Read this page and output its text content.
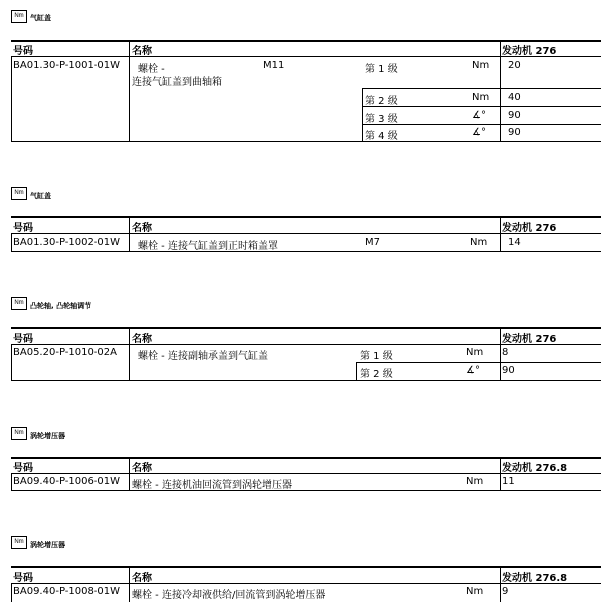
Nm 气缸盖
号码	名称	发动机 276
BA01.30-P-1001-01W 螺栓 -
连接气缸盖到曲轴箱
M11	第 1 级	Nm 20
第 2 级	Nm 40
第 3 级	∡° 90
第 4 级	∡° 90
Nm 气缸盖
号码	名称	发动机 276
BA01.30-P-1002-01W 螺栓 - 连接气缸盖到正时箱盖罩	M7	Nm 14
Nm 凸轮轴, 凸轮轴调节
号码	名称	发动机 276
BA05.20-P-1010-02A 螺栓 - 连接副轴承盖到气缸盖	第 1 级	Nm 8
第 2 级	∡° 90
Nm 涡轮增压器
号码	名称	发动机 276.8
BA09.40-P-1006-01W 螺栓 - 连接机油回流管到涡轮增压器	Nm 11
Nm 涡轮增压器
号码	名称	发动机 276.8
BA09.40-P-1008-01W 螺栓 - 连接冷却液供给/回流管到涡轮增压器	Nm 9
